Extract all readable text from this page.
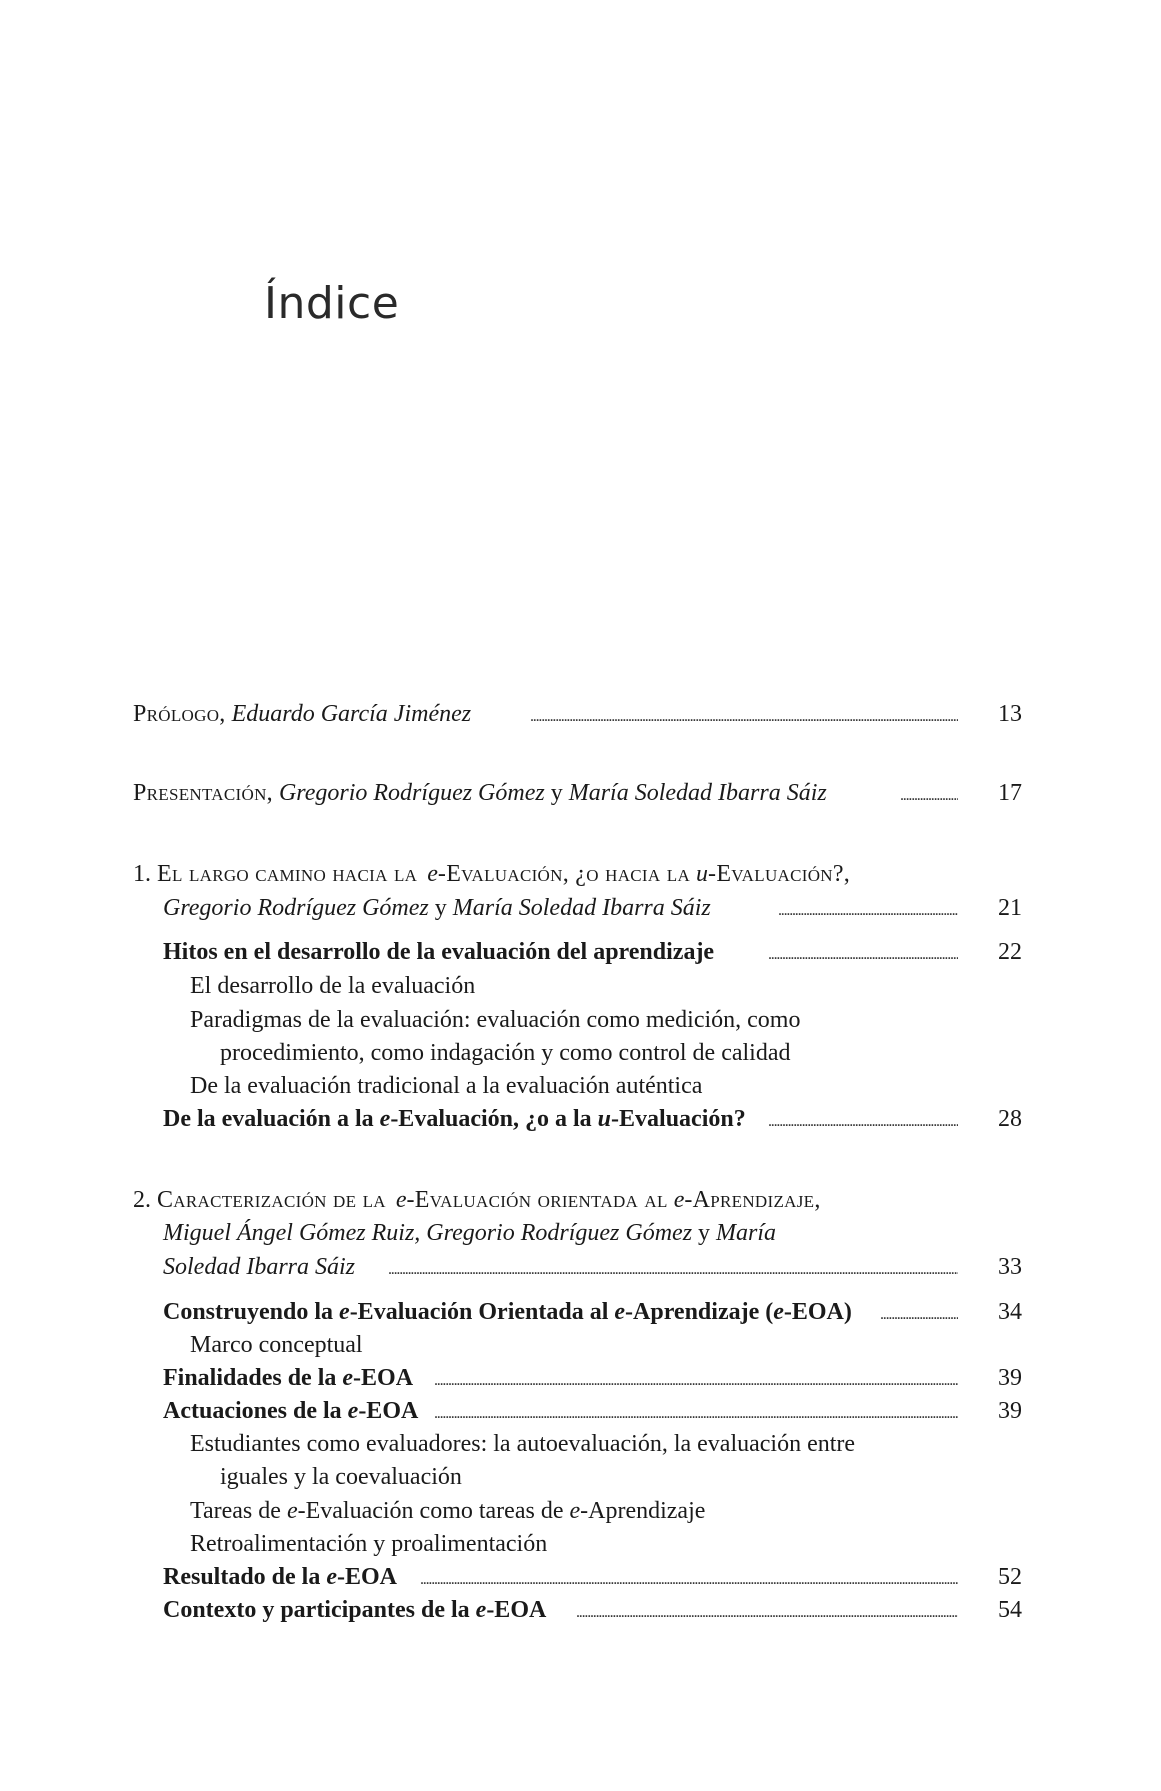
Índice
Prólogo, Eduardo García Jiménez . . .	13
Presentación, Gregorio Rodríguez Gómez y María Soledad Ibarra Sáiz . . .	17
1. El largo camino hacia la e-Evaluación, ¿o hacia la u-Evaluación?,
Gregorio Rodríguez Gómez y María Soledad Ibarra Sáiz . . .	21
Hitos en el desarrollo de la evaluación del aprendizaje . . .	22
El desarrollo de la evaluación
Paradigmas de la evaluación: evaluación como medición, como
procedimiento, como indagación y como control de calidad
De la evaluación tradicional a la evaluación auténtica
De la evaluación a la e-Evaluación, ¿o a la u-Evaluación? . . .	28
2. Caracterización de la e-Evaluación orientada al e-Aprendizaje,
Miguel Ángel Gómez Ruiz, Gregorio Rodríguez Gómez y María
Soledad Ibarra Sáiz . . .	33
Construyendo la e-Evaluación Orientada al e-Aprendizaje (e-EOA) . . .	34
Marco conceptual
Finalidades de la e-EOA . . .	39
Actuaciones de la e-EOA . . .	39
Estudiantes como evaluadores: la autoevaluación, la evaluación entre
iguales y la coevaluación
Tareas de e-Evaluación como tareas de e-Aprendizaje
Retroalimentación y proalimentación
Resultado de la e-EOA . . .	52
Contexto y participantes de la e-EOA . . .	54
